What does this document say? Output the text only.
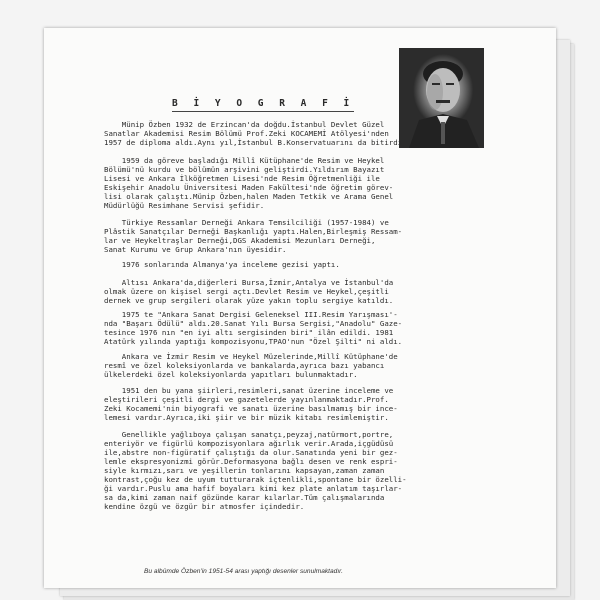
B İ Y O G R A F İ
Münip Özben 1932 de Erzincan'da doğdu.İstanbul Devlet Güzel
Sanatlar Akademisi Resim Bölümü Prof.Zeki KOCAMEMİ Atölyesi'nden
1957 de diploma aldı.Aynı yıl,İstanbul B.Konservatuarını da bitirdi
1959 da göreve başladığı Millî Kütüphane'de Resim ve Heykel
Bölümü'nü kurdu ve bölümün arşivini geliştirdi.Yıldırım Bayazıt
Lisesi ve Ankara İlköğretmen Lisesi'nde Resim Öğretmenliği ile
Eskişehir Anadolu Üniversitesi Maden Fakültesi'nde öğretim görev-
lisi olarak çalıştı.Münip Özben,halen Maden Tetkik ve Arama Genel
Müdürlüğü Resimhane Servisi şefidir.
Türkiye Ressamlar Derneği Ankara Temsilciliği (1957-1984) ve
Plâstik Sanatçılar Derneği Başkanlığı yaptı.Halen,Birleşmiş Ressam-
lar ve Heykeltraşlar Derneği,DGS Akademisi Mezunları Derneği,
Sanat Kurumu ve Grup Ankara'nın üyesidir.
1976 sonlarında Almanya'ya inceleme gezisi yaptı.
Altısı Ankara'da,diğerleri Bursa,İzmir,Antalya ve İstanbul'da
olmak üzere on kişisel sergi açtı.Devlet Resim ve Heykel,çeşitli
dernek ve grup sergileri olarak yüze yakın toplu sergiye katıldı.
1975 te "Ankara Sanat Dergisi Geleneksel III.Resim Yarışması'-
nda "Başarı Ödülü" aldı.20.Sanat Yılı Bursa Sergisi,"Anadolu" Gaze-
tesince 1976 nın "en iyi altı sergisinden biri" ilân edildi. 1981
Atatürk yılında yaptığı kompozisyonu,TPAO'nun "Özel Şilti" ni aldı.
Ankara ve İzmir Resim ve Heykel Müzelerinde,Millî Kütüphane'de
resmî ve özel koleksiyonlarda ve bankalarda,ayrıca bazı yabancı
ülkelerdeki özel koleksiyonlarda yapıtları bulunmaktadır.
1951 den bu yana şiirleri,resimleri,sanat üzerine inceleme ve
eleştirileri çeşitli dergi ve gazetelerde yayınlanmaktadır.Prof.
Zeki Kocamemi'nin biyografi ve sanatı üzerine basılmamış bir incе-
lemesi vardır.Ayrıca,iki şiir ve bir müzik kitabı resimlemiştir.
Genellikle yağlıboya çalışan sanatçı,peyzaj,natürmort,portre,
enteriyör ve figürlü kompozisyonlara ağırlık verir.Arada,içgüdüsü
ile,abstre non-figüratif çalıştığı da olur.Sanatında yeni bir gez-
lemle ekspresyonizmi görür.Deformasyona bağlı desen ve renk espri-
siyle kırmızı,sarı ve yeşillerin tonlarını kapsayan,zaman zaman
kontrast,çoğu kez de uyum tutturarak içtenlikli,spontane bir özelli-
ği vardır.Puslu ama hafif boyaları kimi kez plate anlatım taşırlar-
sa da,kimi zaman naif gözünde karar kılarlar.Tüm çalışmalarında
kendine özgü ve özgür bir atmosfer içindedir.
Bu albümde Özben'in 1951-54 arası yaptığı desenler sunulmaktadır.
